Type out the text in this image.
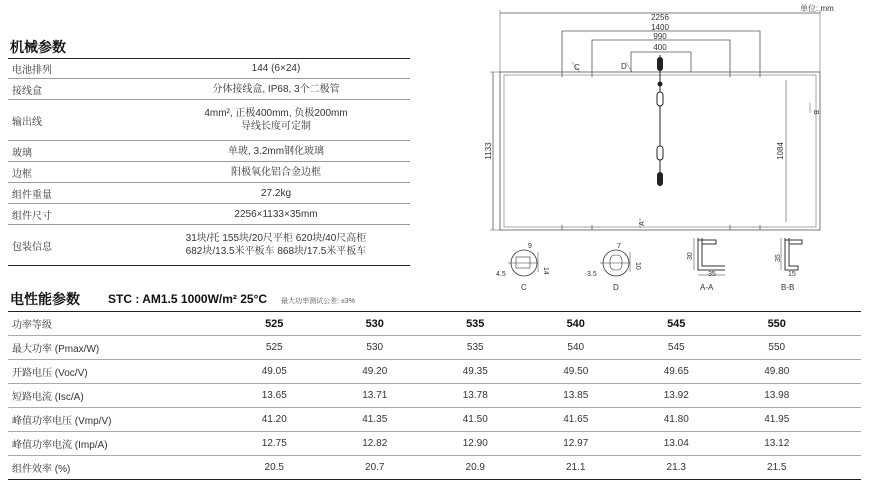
单位: mm
机械参数
电池排列	144 (6×24)
接线盒	分体接线盒, IP68, 3个二极管
输出线
4mm², 正极400mm, 负极200mm
导线长度可定制
玻璃	单玻, 3.2mm钢化玻璃
边框	阳极氧化铝合金边框
组件重量	27.2kg
组件尺寸	2256×1133×35mm
包装信息
31块/托 155块/20尺平柜 620块/40尺高柜
682块/13.5米平板车 868块/17.5米平板车
电性能参数 STC : AM1.5 1000W/m² 25°C 最大功率测试公差: ±3%
功率等级	525	530	535	540	545	550
最大功率 (Pmax/W)	525	530	535	540	545	550
开路电压 (Voc/V)	49.05	49.20	49.35	49.50	49.65	49.80
短路电流 (Isc/A)	13.65	13.71	13.78	13.85	13.92	13.98
峰值功率电压 (Vmp/V)	41.20	41.35	41.50	41.65	41.80	41.95
峰值功率电流 (Imp/A)	12.75	12.82	12.90	12.97	13.04	13.12
组件效率 (%)	20.5	20.7	20.9	21.1	21.3	21.5
2256
1400
990
400
1133	1084
C	D
A
B
9
14
4.5
C
7
10
3.5
D
30
35
A-A
35
15
B-B
